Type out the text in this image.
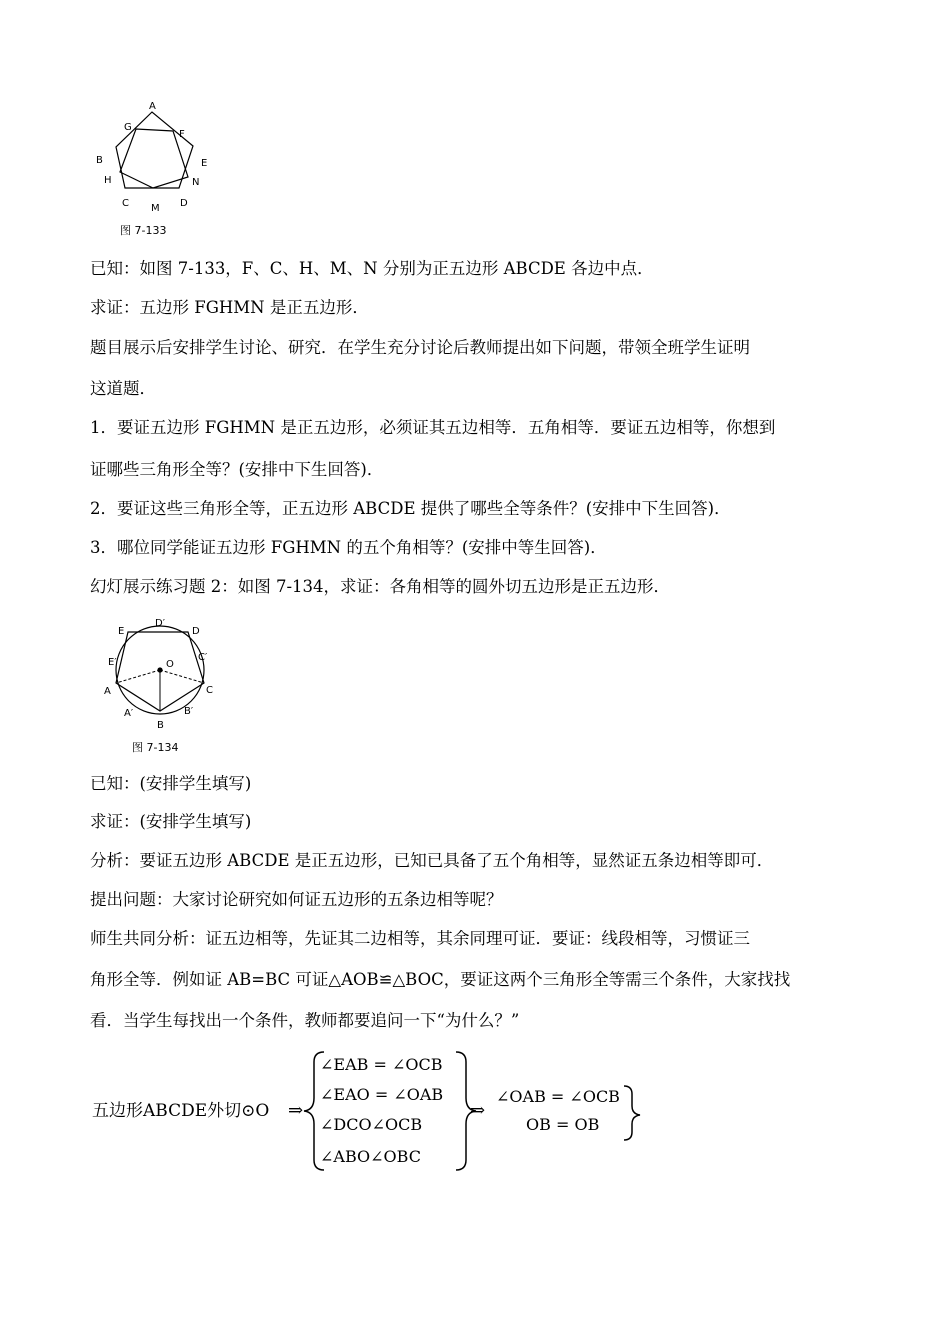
A
G
F
B	E
H	N
C M D
图 7-133
已知：如图 7-133，F、C、H、M、N 分别为正五边形 ABCDE 各边中点．
求证：五边形 FGHMN 是正五边形．
题目展示后安排学生讨论、研究．在学生充分讨论后教师提出如下问题，带领全班学生证明
这道题．
1．要证五边形 FGHMN 是正五边形，必须证其五边相等．五角相等．要证五边相等，你想到
证哪些三角形全等？(安排中下生回答)．
2．要证这些三角形全等，正五边形 ABCDE 提供了哪些全等条件？(安排中下生回答)．
3．哪位同学能证五边形 FGHMN 的五个角相等？(安排中等生回答)．
幻灯展示练习题 2：如图 7-134，求证：各角相等的圆外切五边形是正五边形．
D′
E	D
O
E′	C′
A	C
A′	B′
B
图 7-134
已知：(安排学生填写)
求证：(安排学生填写)
分析：要证五边形 ABCDE 是正五边形，已知已具备了五个角相等，显然证五条边相等即可．
提出问题：大家讨论研究如何证五边形的五条边相等呢？
师生共同分析：证五边相等，先证其二边相等，其余同理可证．要证：线段相等，习惯证三
角形全等．例如证 AB=BC 可证△AOB≌△BOC，要证这两个三角形全等需三个条件，大家找找
看．当学生每找出一个条件，教师都要追问一下“为什么？”
五边形ABCDE外切⊙O ⇒
∠EAB = ∠OCB
∠EAO = ∠OAB
∠DCO∠OCB
∠ABO∠OBC
⇒
∠OAB = ∠OCB
OB = OB
